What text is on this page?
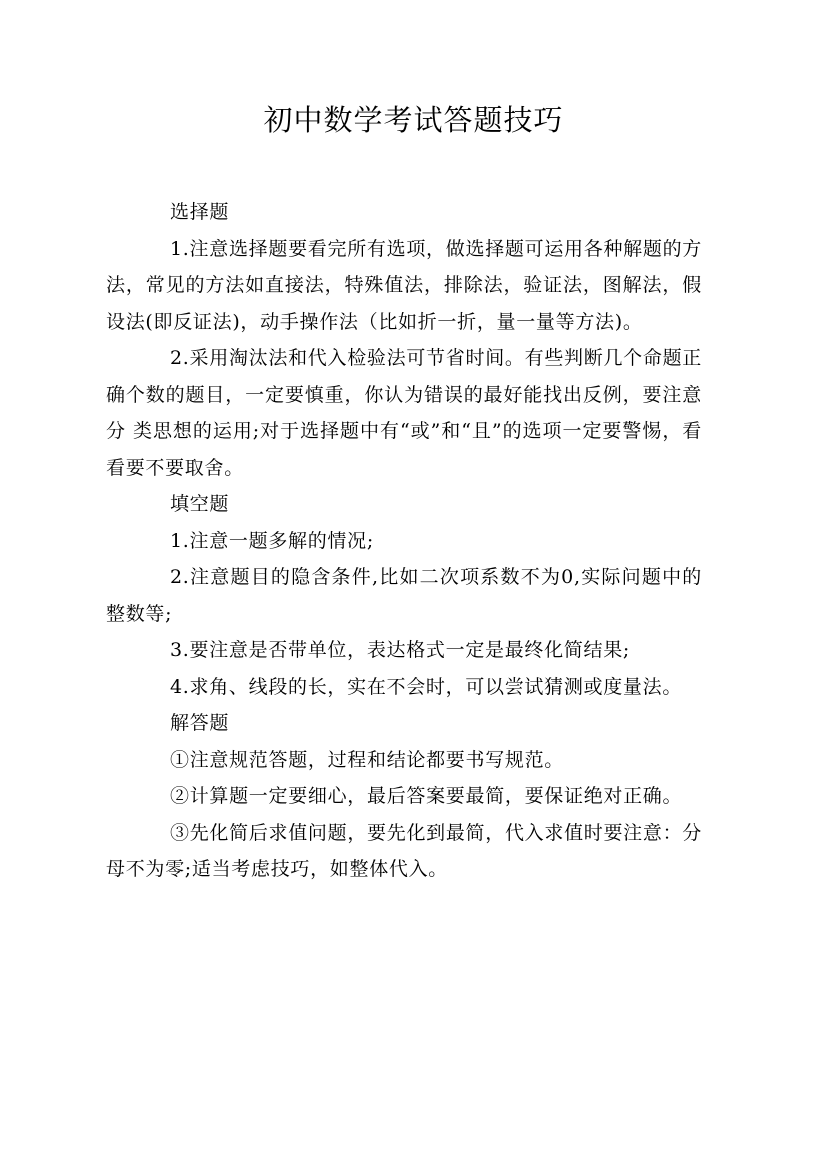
初中数学考试答题技巧

选择题

1.注意选择题要看完所有选项，做选择题可运用各种解题的方法，常见的方法如直接法，特殊值法，排除法，验证法，图解法，假设法(即反证法)，动手操作法（比如折一折，量一量等方法)。

2.采用淘汰法和代入检验法可节省时间。有些判断几个命题正确个数的题目，一定要慎重，你认为错误的最好能找出反例，要注意分 类思想的运用;对于选择题中有“或”和“且”的选项一定要警惕，看看要不要取舍。

填空题

1.注意一题多解的情况;

2.注意题目的隐含条件,比如二次项系数不为0,实际问题中的整数等;

3.要注意是否带单位，表达格式一定是最终化简结果;

4.求角、线段的长，实在不会时，可以尝试猜测或度量法。

解答题

①注意规范答题，过程和结论都要书写规范。

②计算题一定要细心，最后答案要最简，要保证绝对正确。

③先化简后求值问题，要先化到最简，代入求值时要注意：分母不为零;适当考虑技巧，如整体代入。
